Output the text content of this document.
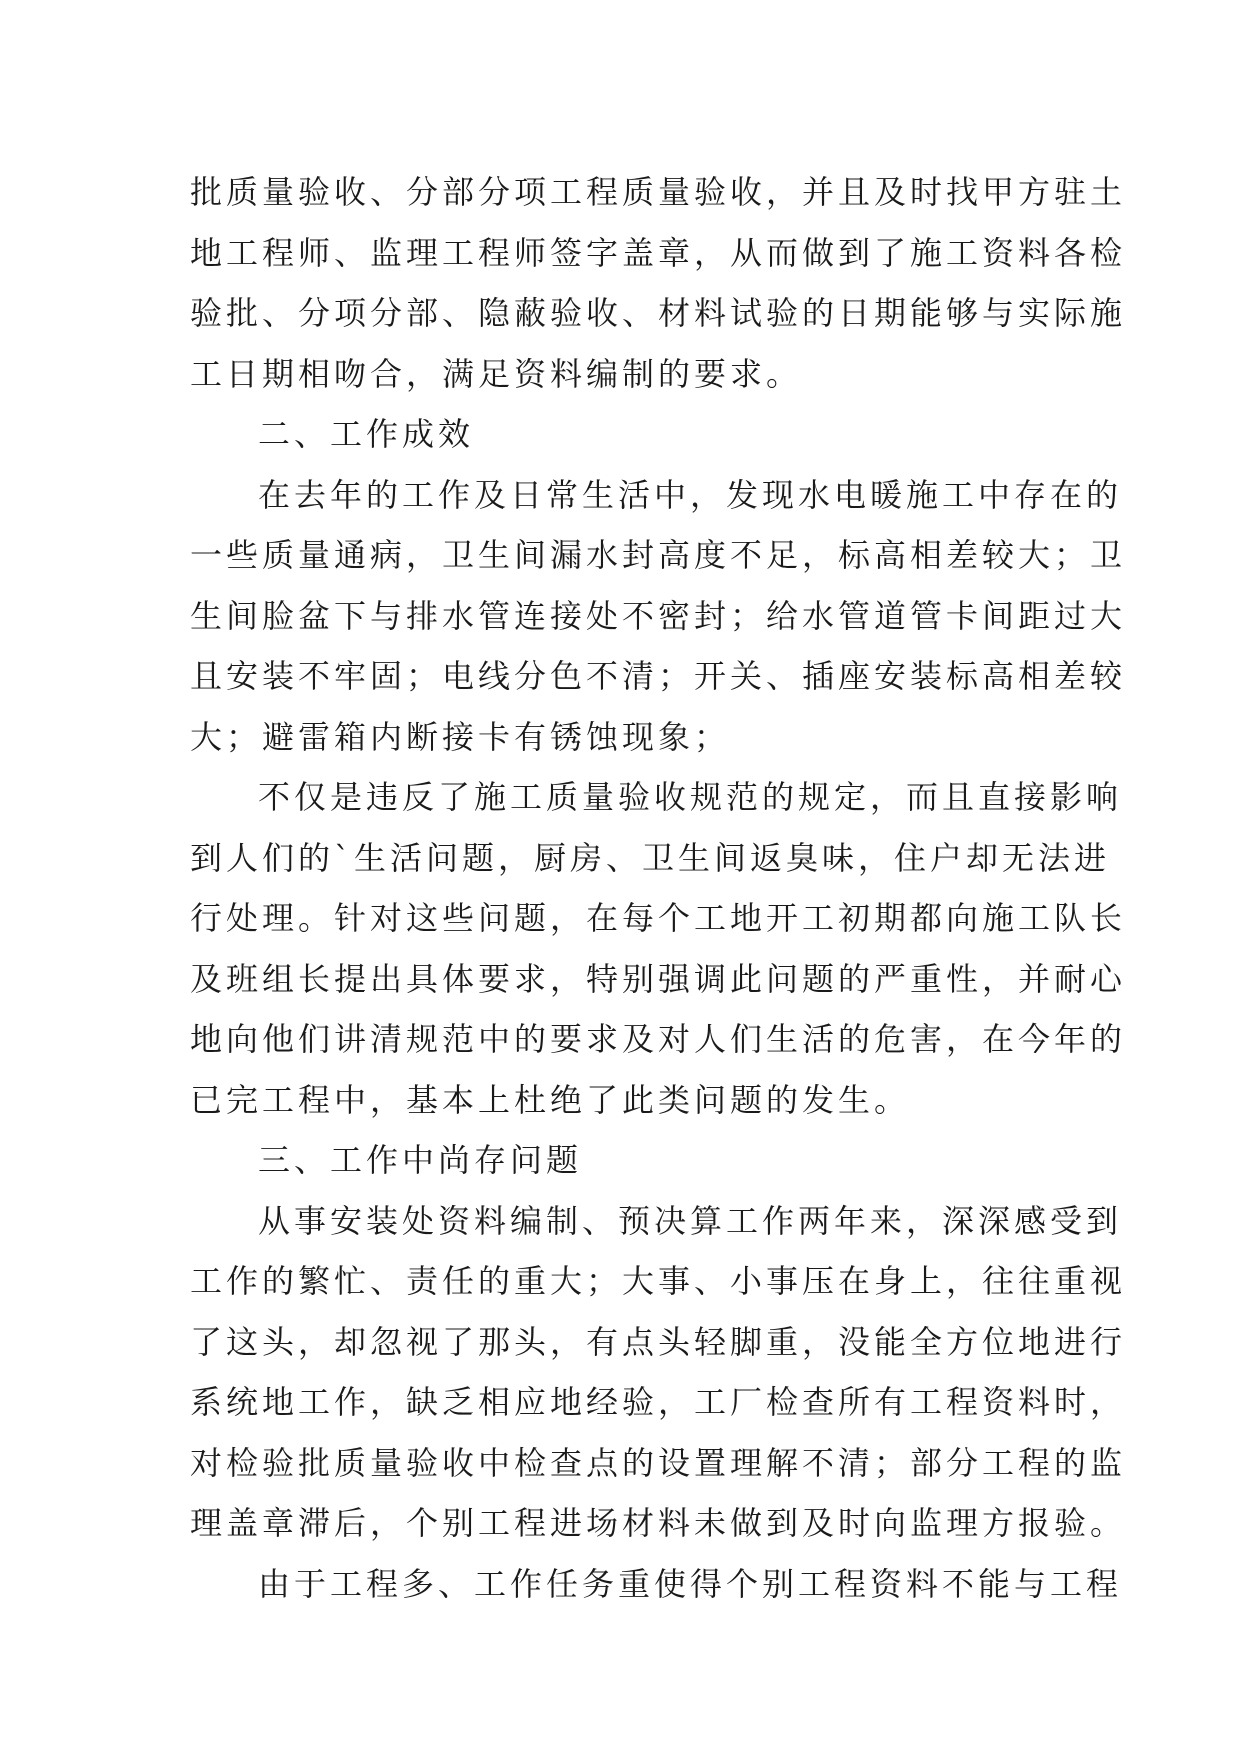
批质量验收、分部分项工程质量验收，并且及时找甲方驻土
地工程师、监理工程师签字盖章，从而做到了施工资料各检
验批、分项分部、隐蔽验收、材料试验的日期能够与实际施
工日期相吻合，满足资料编制的要求。
二、工作成效
在去年的工作及日常生活中，发现水电暖施工中存在的
一些质量通病，卫生间漏水封高度不足，标高相差较大；卫
生间脸盆下与排水管连接处不密封；给水管道管卡间距过大
且安装不牢固；电线分色不清；开关、插座安装标高相差较
大；避雷箱内断接卡有锈蚀现象；
不仅是违反了施工质量验收规范的规定，而且直接影响
到人们的`生活问题，厨房、卫生间返臭味，住户却无法进
行处理。针对这些问题，在每个工地开工初期都向施工队长
及班组长提出具体要求，特别强调此问题的严重性，并耐心
地向他们讲清规范中的要求及对人们生活的危害，在今年的
已完工程中，基本上杜绝了此类问题的发生。
三、工作中尚存问题
从事安装处资料编制、预决算工作两年来，深深感受到
工作的繁忙、责任的重大；大事、小事压在身上，往往重视
了这头，却忽视了那头，有点头轻脚重，没能全方位地进行
系统地工作，缺乏相应地经验，工厂检查所有工程资料时，
对检验批质量验收中检查点的设置理解不清；部分工程的监
理盖章滞后，个别工程进场材料未做到及时向监理方报验。
由于工程多、工作任务重使得个别工程资料不能与工程
